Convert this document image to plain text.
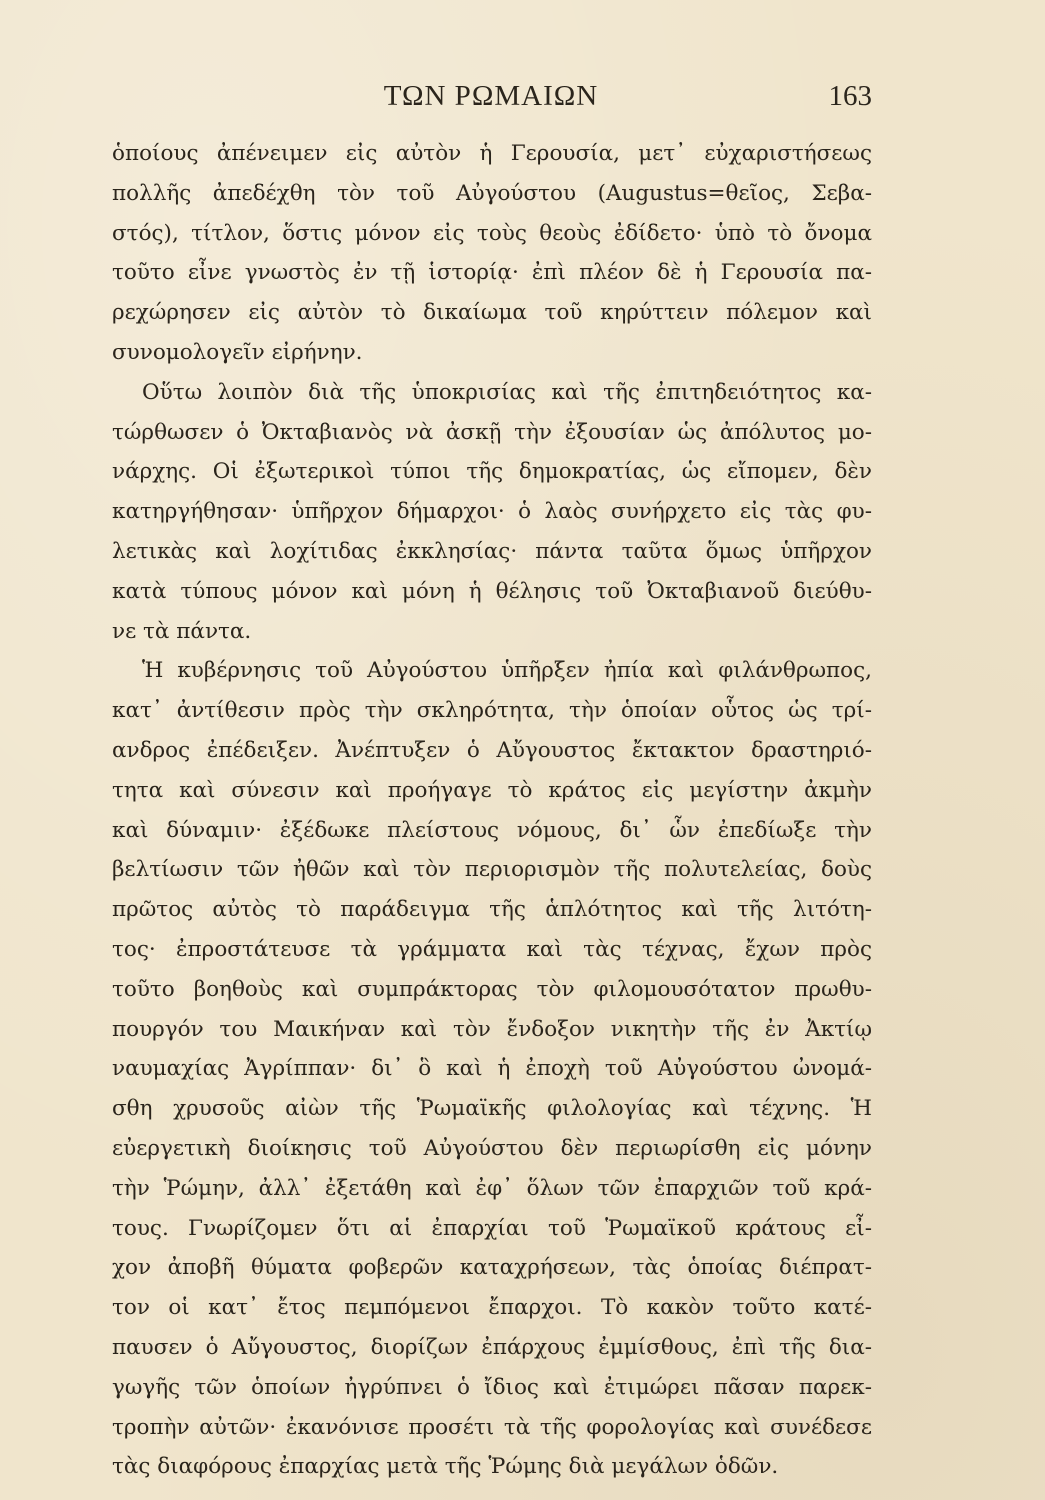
ΤΩΝ ΡΩΜΑΙΩΝ	163
ὁποίους ἀπένειμεν εἰς αὐτὸν ἡ Γερουσία, μετ᾽ εὐχαριστήσεως
πολλῆς ἀπεδέχθη τὸν τοῦ Αὐγούστου (Augustus=θεῖος, Σεβα-
στός), τίτλον, ὅστις μόνον εἰς τοὺς θεοὺς ἐδίδετο· ὑπὸ τὸ ὄνομα
τοῦτο εἶνε γνωστὸς ἐν τῇ ἱστορίᾳ· ἐπὶ πλέον δὲ ἡ Γερουσία πα-
ρεχώρησεν εἰς αὐτὸν τὸ δικαίωμα τοῦ κηρύττειν πόλεμον καὶ
συνομολογεῖν εἰρήνην.
Οὕτω λοιπὸν διὰ τῆς ὑποκρισίας καὶ τῆς ἐπιτηδειότητος κα-
τώρθωσεν ὁ Ὀκταβιανὸς νὰ ἀσκῇ τὴν ἐξουσίαν ὡς ἀπόλυτος μο-
νάρχης. Οἱ ἐξωτερικοὶ τύποι τῆς δημοκρατίας, ὡς εἴπομεν, δὲν
κατηργήθησαν· ὑπῆρχον δήμαρχοι· ὁ λαὸς συνήρχετο εἰς τὰς φυ-
λετικὰς καὶ λοχίτιδας ἐκκλησίας· πάντα ταῦτα ὅμως ὑπῆρχον
κατὰ τύπους μόνον καὶ μόνη ἡ θέλησις τοῦ Ὀκταβιανοῦ διεύθυ-
νε τὰ πάντα.
Ἡ κυβέρνησις τοῦ Αὐγούστου ὑπῆρξεν ἠπία καὶ φιλάνθρωπος,
κατ᾽ ἀντίθεσιν πρὸς τὴν σκληρότητα, τὴν ὁποίαν οὗτος ὡς τρί-
ανδρος ἐπέδειξεν. Ἀνέπτυξεν ὁ Αὔγουστος ἔκτακτον δραστηριό-
τητα καὶ σύνεσιν καὶ προήγαγε τὸ κράτος εἰς μεγίστην ἀκμὴν
καὶ δύναμιν· ἐξέδωκε πλείστους νόμους, δι᾽ ὧν ἐπεδίωξε τὴν
βελτίωσιν τῶν ἠθῶν καὶ τὸν περιορισμὸν τῆς πολυτελείας, δοὺς
πρῶτος αὐτὸς τὸ παράδειγμα τῆς ἁπλότητος καὶ τῆς λιτότη-
τος· ἐπροστάτευσε τὰ γράμματα καὶ τὰς τέχνας, ἔχων πρὸς
τοῦτο βοηθοὺς καὶ συμπράκτορας τὸν φιλομουσότατον πρωθυ-
πουργόν του Μαικήναν καὶ τὸν ἔνδοξον νικητὴν τῆς ἐν Ἀκτίῳ
ναυμαχίας Ἀγρίππαν· δι᾽ ὃ καὶ ἡ ἐποχὴ τοῦ Αὐγούστου ὠνομά-
σθη χρυσοῦς αἰὼν τῆς Ῥωμαϊκῆς φιλολογίας καὶ τέχνης. Ἡ
εὐεργετικὴ διοίκησις τοῦ Αὐγούστου δὲν περιωρίσθη εἰς μόνην
τὴν Ῥώμην, ἀλλ᾽ ἐξετάθη καὶ ἐφ᾽ ὅλων τῶν ἐπαρχιῶν τοῦ κρά-
τους. Γνωρίζομεν ὅτι αἱ ἐπαρχίαι τοῦ Ῥωμαϊκοῦ κράτους εἶ-
χον ἀποβῆ θύματα φοβερῶν καταχρήσεων, τὰς ὁποίας διέπρατ-
τον οἱ κατ᾽ ἔτος πεμπόμενοι ἔπαρχοι. Τὸ κακὸν τοῦτο κατέ-
παυσεν ὁ Αὔγουστος, διορίζων ἐπάρχους ἐμμίσθους, ἐπὶ τῆς δια-
γωγῆς τῶν ὁποίων ἠγρύπνει ὁ ἴδιος καὶ ἐτιμώρει πᾶσαν παρεκ-
τροπὴν αὐτῶν· ἐκανόνισε προσέτι τὰ τῆς φορολογίας καὶ συνέδεσε
τὰς διαφόρους ἐπαρχίας μετὰ τῆς Ῥώμης διὰ μεγάλων ὁδῶν.
